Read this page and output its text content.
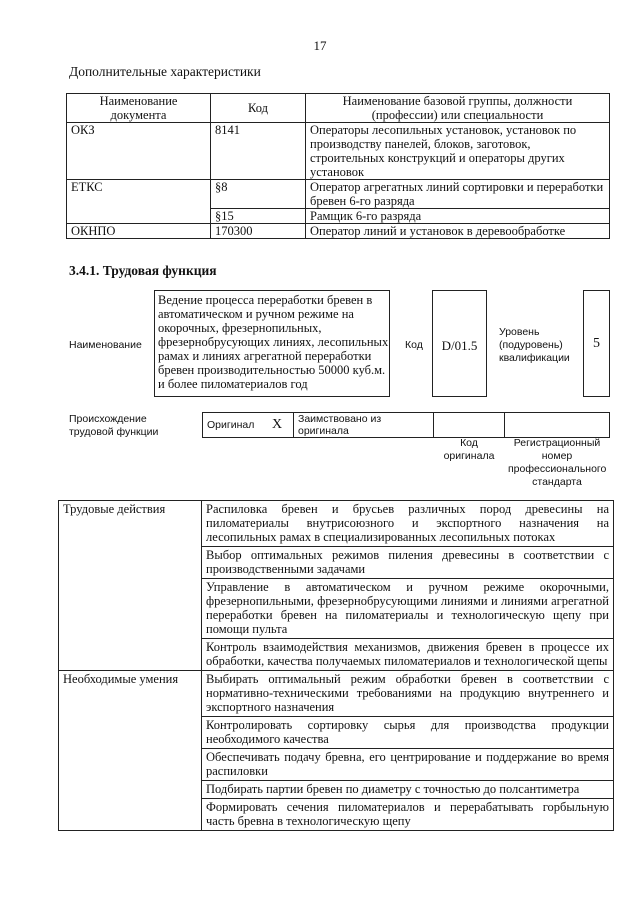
17
Дополнительные характеристики
Наименование документа	Код	Наименование базовой группы, должности (профессии) или специальности
ОКЗ	8141	Операторы лесопильных установок, установок по производству панелей, блоков, заготовок, строительных конструкций и операторы других установок
ЕТКС	§8	Оператор агрегатных линий сортировки и переработки бревен 6-го разряда
	§15	Рамщик 6-го разряда
ОКНПО	170300	Оператор линий и установок в деревообработке
3.4.1. Трудовая функция
Наименование
Ведение процесса переработки бревен в автоматическом и ручном режиме на окорочных, фрезернопильных, фрезернобрусующих линиях, лесопильных рамах и линиях агрегатной переработки бревен производительностью 50000 куб.м. и более пиломатериалов год
Код	D/01.5
Уровень (подуровень) квалификации
5
Происхождение трудовой функции
Оригинал	X	Заимствовано из оригинала		
Код оригинала
Регистрационный номер профессионального стандарта
Трудовые действия	Распиловка бревен и брусьев различных пород древесины на пиломатериалы внутрисоюзного и экспортного назначения на лесопильных рамах в специализированных лесопильных потоках
	Выбор оптимальных режимов пиления древесины в соответствии с производственными задачами
	Управление в автоматическом и ручном режиме окорочными, фрезернопильными, фрезернобрусующими линиями и линиями агрегатной переработки бревен на пиломатериалы и технологическую щепу при помощи пульта
	Контроль взаимодействия механизмов, движения бревен в процессе их обработки, качества получаемых пиломатериалов и технологической щепы
Необходимые умения	Выбирать оптимальный режим обработки бревен в соответствии с нормативно-техническими требованиями на продукцию внутреннего и экспортного назначения
	Контролировать сортировку сырья для производства продукции необходимого качества
	Обеспечивать подачу бревна, его центрирование и поддержание во время распиловки
	Подбирать партии бревен по диаметру с точностью до полсантиметра
	Формировать сечения пиломатериалов и перерабатывать горбыльную часть бревна в технологическую щепу
